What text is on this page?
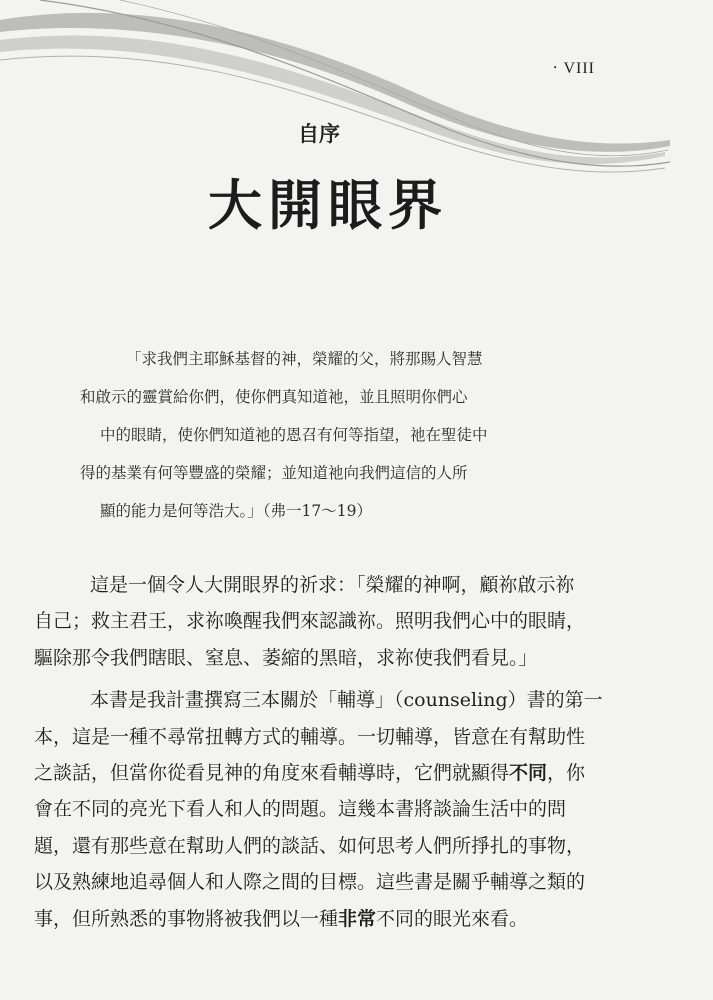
‧ VIII
自序
大開眼界
「求我們主耶穌基督的神，榮耀的父，將那賜人智慧
和啟示的靈賞給你們，使你們真知道祂，並且照明你們心
中的眼睛，使你們知道祂的恩召有何等指望，祂在聖徒中
得的基業有何等豐盛的榮耀；並知道祂向我們這信的人所
顯的能力是何等浩大。」（弗一17～19）
這是一個令人大開眼界的祈求：「榮耀的神啊，顧祢啟示祢
自己；救主君王，求祢喚醒我們來認識祢。照明我們心中的眼睛，
驅除那令我們瞎眼、窒息、萎縮的黑暗，求祢使我們看見。」
本書是我計畫撰寫三本關於「輔導」（counseling）書的第一
本，這是一種不尋常扭轉方式的輔導。一切輔導，皆意在有幫助性
之談話，但當你從看見神的角度來看輔導時，它們就顯得不同，你
會在不同的亮光下看人和人的問題。這幾本書將談論生活中的問
題，還有那些意在幫助人們的談話、如何思考人們所掙扎的事物，
以及熟練地追尋個人和人際之間的目標。這些書是關乎輔導之類的
事，但所熟悉的事物將被我們以一種非常不同的眼光來看。
